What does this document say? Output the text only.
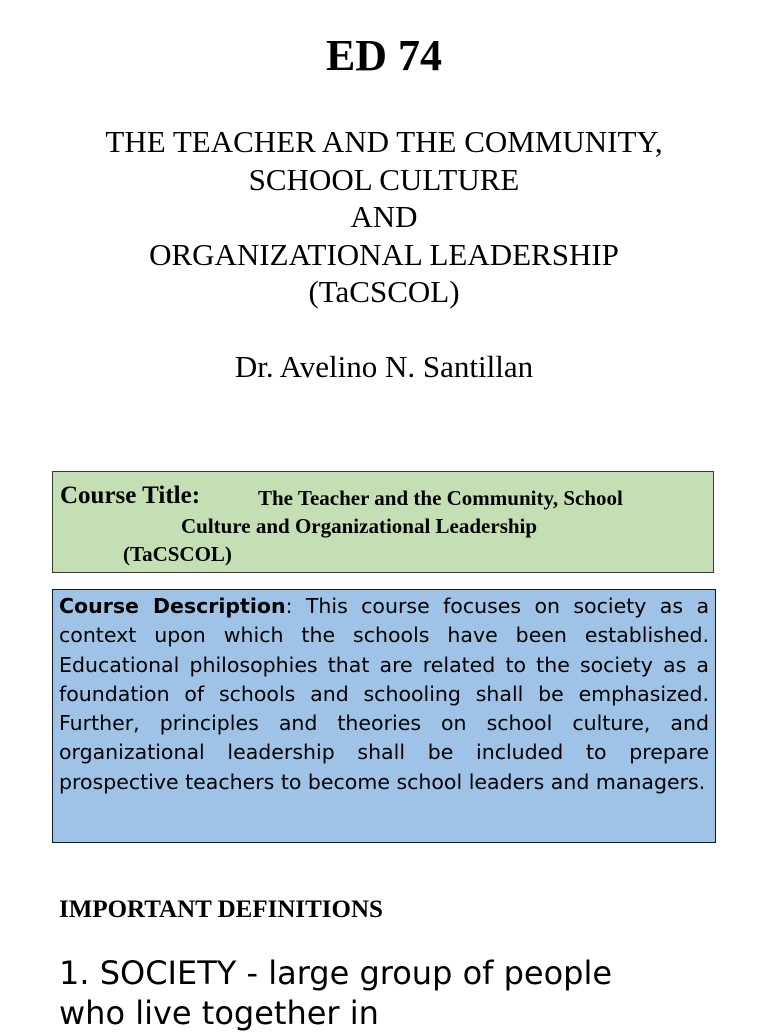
ED 74
THE TEACHER AND THE COMMUNITY,
SCHOOL CULTURE
AND
ORGANIZATIONAL LEADERSHIP
(TaCSCOL)
Dr. Avelino N. Santillan
Course Title:	The Teacher and the Community, School
Culture and Organizational Leadership
(TaCSCOL)
Course Description: This course focuses on society as a context upon which the schools have been established. Educational philosophies that are related to the society as a foundation of schools and schooling shall be emphasized. Further, principles and theories on school culture, and organizational leadership shall be included to prepare prospective teachers to become school leaders and managers.
IMPORTANT DEFINITIONS
1. SOCIETY - large group of people who live together in
